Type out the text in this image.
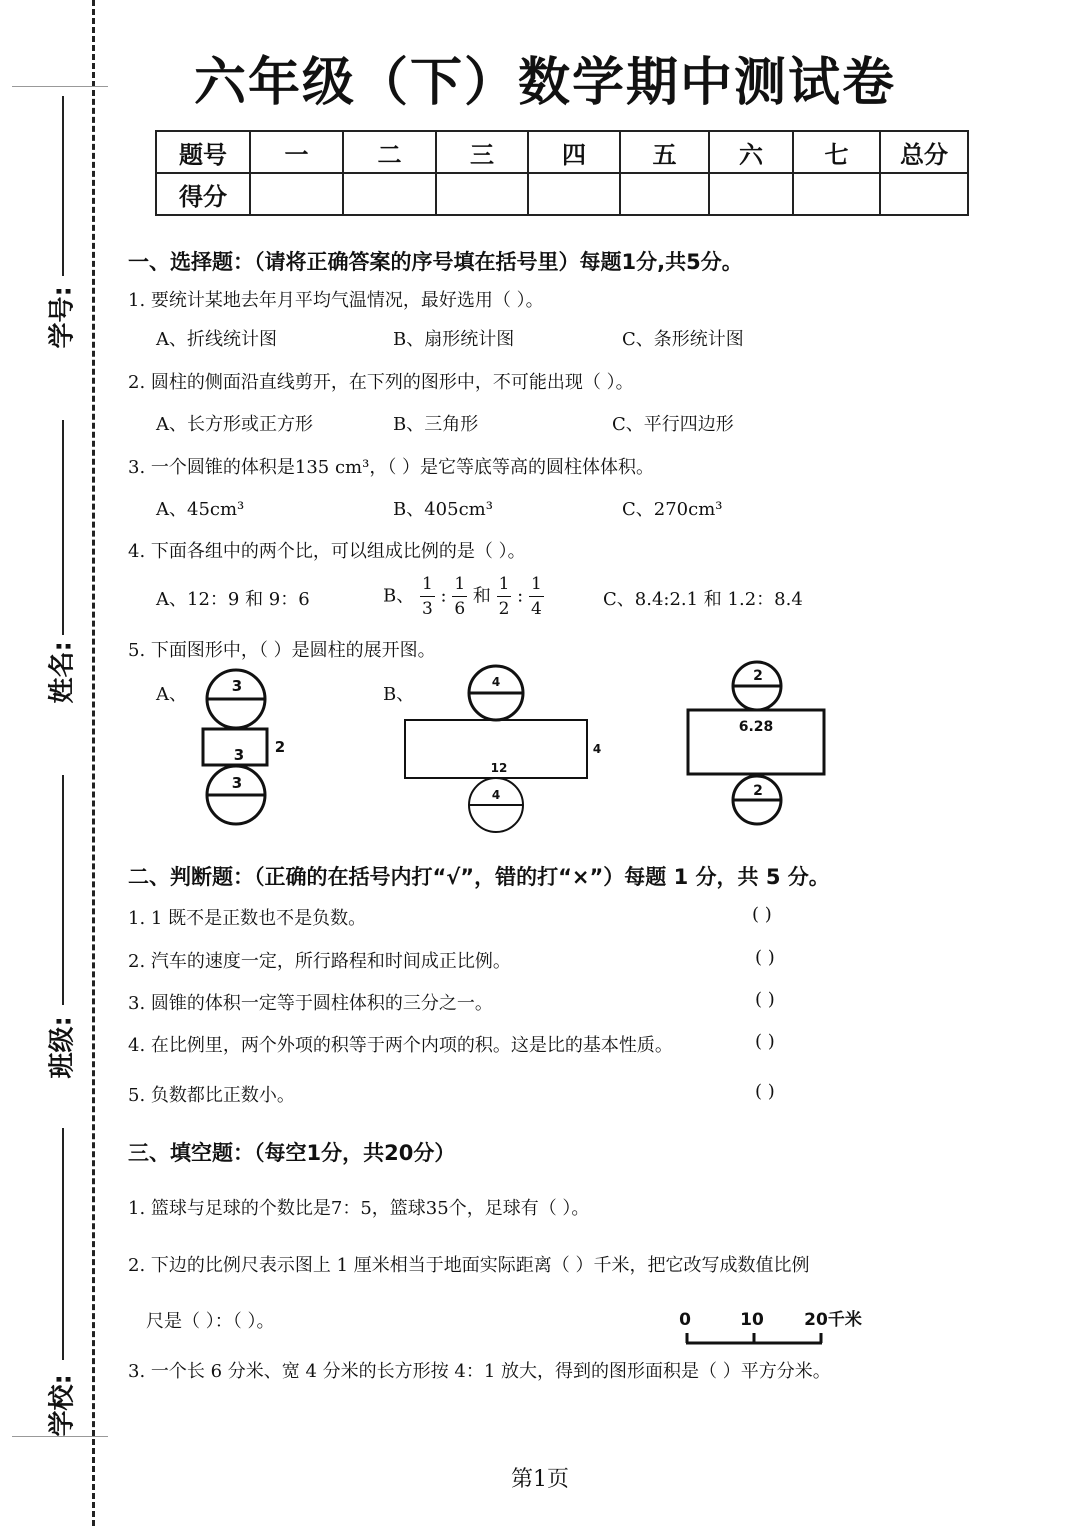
学号:
姓名:
班级:
学校:
六年级（下）数学期中测试卷
题号	一	二	三	四	五	六	七	总分
得分								
一、选择题：（请将正确答案的序号填在括号里）每题1分,共5分。
1. 要统计某地去年月平均气温情况，最好选用（ ）。
A、折线统计图	B、扇形统计图	C、条形统计图
2. 圆柱的侧面沿直线剪开，在下列的图形中，不可能出现（ ）。
A、长方形或正方形	B、三角形	C、平行四边形
3. 一个圆锥的体积是135 cm³，（ ）是它等底等高的圆柱体体积。
A、45cm³	B、405cm³	C、270cm³
4. 下面各组中的两个比，可以组成比例的是（ ）。
A、12：9 和 9：6	B、 $\frac{1}{3}$ : $\frac{1}{6}$ 和 $\frac{1}{2}$ : $\frac{1}{4}$	C、8.4:2.1 和 1.2：8.4
5. 下面图形中，（ ）是圆柱的展开图。
A、	B、
3
3 2
3
4
12
4
4
2
6.28
2
二、判断题：（正确的在括号内打“√”，错的打“×”）每题 1 分，共 5 分。
1. 1 既不是正数也不是负数。	( )
2. 汽车的速度一定，所行路程和时间成正比例。	( )
3. 圆锥的体积一定等于圆柱体积的三分之一。	( )
4. 在比例里，两个外项的积等于两个内项的积。这是比的基本性质。	( )
5. 负数都比正数小。	( )
三、填空题：（每空1分，共20分）
1. 篮球与足球的个数比是7：5，篮球35个，足球有（ ）。
2. 下边的比例尺表示图上 1 厘米相当于地面实际距离（ ）千米，把它改写成数值比例
尺是（ ）：（ ）。	0	10 20千米
3. 一个长 6 分米、宽 4 分米的长方形按 4：1 放大，得到的图形面积是（ ）平方分米。
第1页
